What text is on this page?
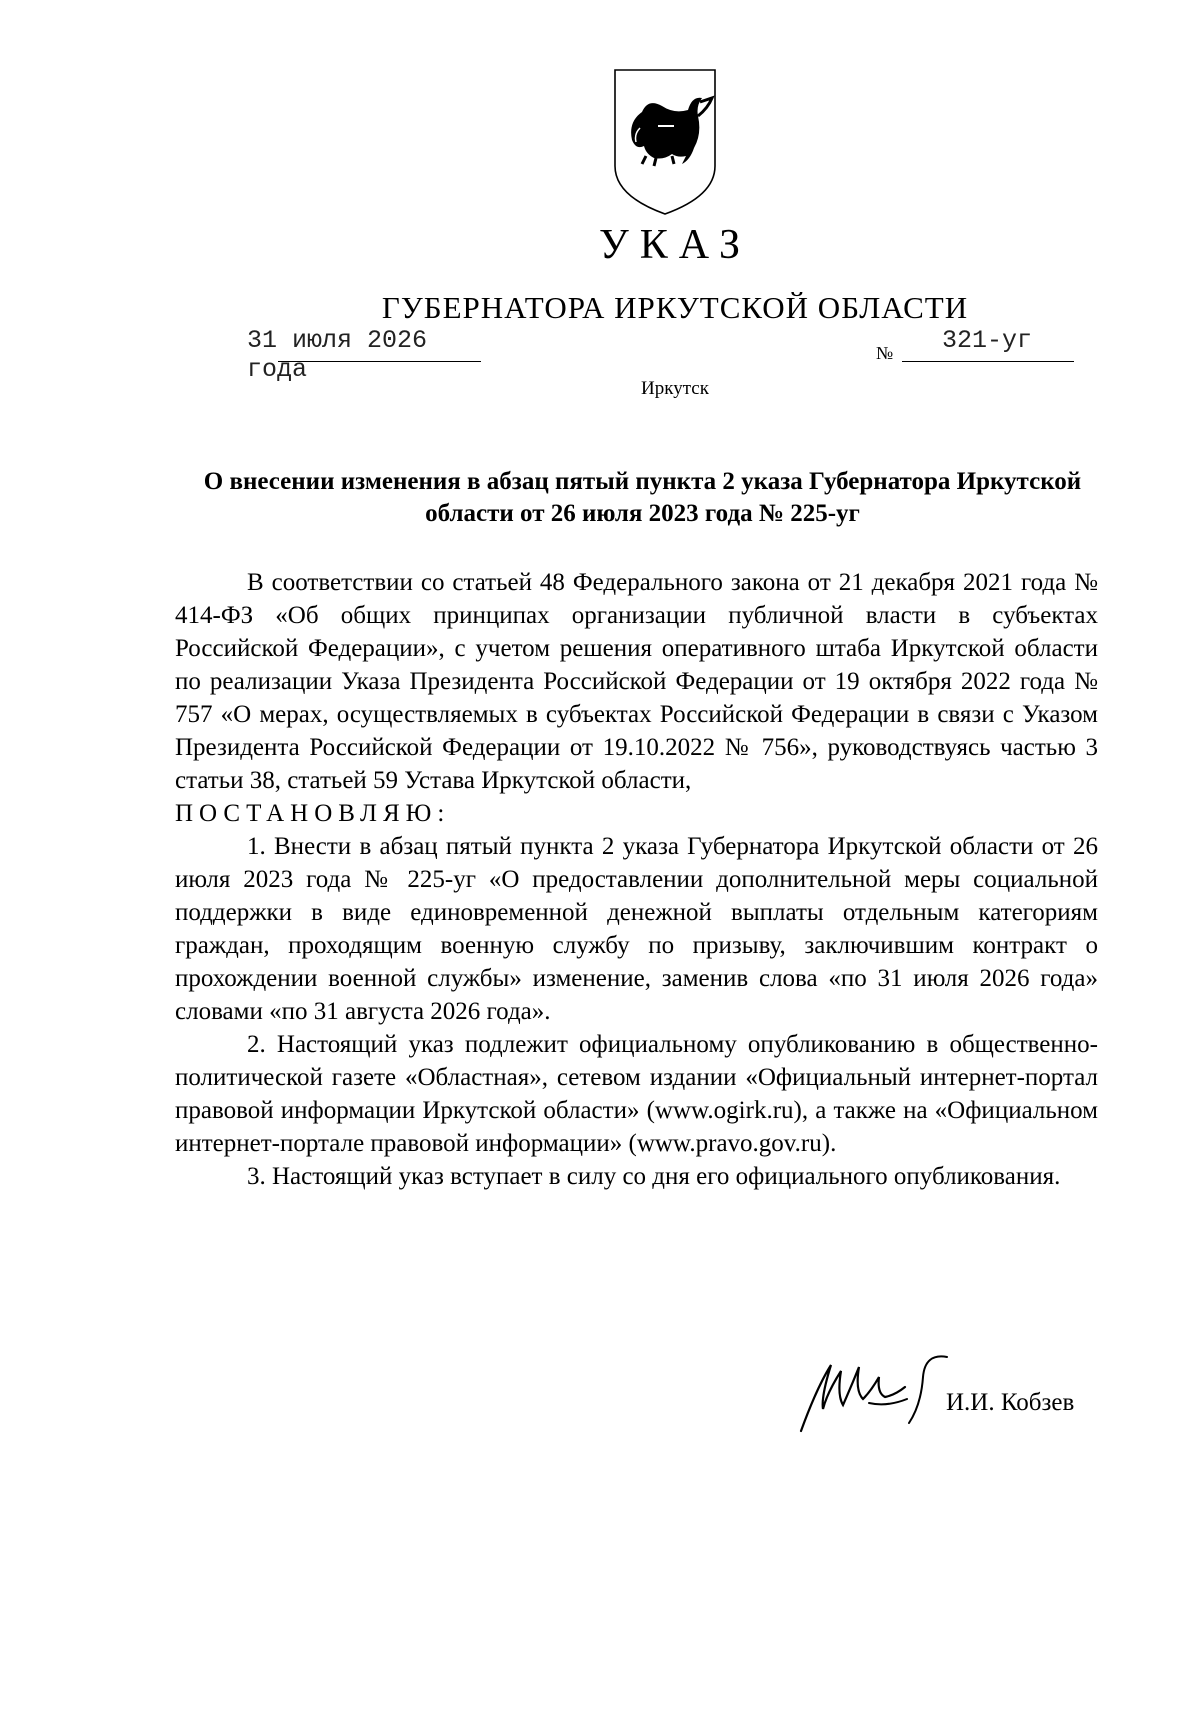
УКАЗ
ГУБЕРНАТОРА ИРКУТСКОЙ ОБЛАСТИ
31 июля 2026 года
№ 321-уг
Иркутск
О внесении изменения в абзац пятый пункта 2 указа Губернатора Иркутской области от 26 июля 2023 года № 225-уг

В соответствии со статьей 48 Федерального закона от 21 декабря 2021 года № 414-ФЗ «Об общих принципах организации публичной власти в субъектах Российской Федерации», с учетом решения оперативного штаба Иркутской области по реализации Указа Президента Российской Федерации от 19 октября 2022 года № 757 «О мерах, осуществляемых в субъектах Российской Федерации в связи с Указом Президента Российской Федерации от 19.10.2022 № 756», руководствуясь частью 3 статьи 38, статьей 59 Устава Иркутской области,

ПОСТАНОВЛЯЮ:

1. Внести в абзац пятый пункта 2 указа Губернатора Иркутской области от 26 июля 2023 года № 225-уг «О предоставлении дополнительной меры социальной поддержки в виде единовременной денежной выплаты отдельным категориям граждан, проходящим военную службу по призыву, заключившим контракт о прохождении военной службы» изменение, заменив слова «по 31 июля 2026 года» словами «по 31 августа 2026 года».

2. Настоящий указ подлежит официальному опубликованию в общественно-политической газете «Областная», сетевом издании «Официальный интернет-портал правовой информации Иркутской области» (www.ogirk.ru), а также на «Официальном интернет-портале правовой информации» (www.pravo.gov.ru).

3. Настоящий указ вступает в силу со дня его официального опубликования.

И.И. Кобзев
